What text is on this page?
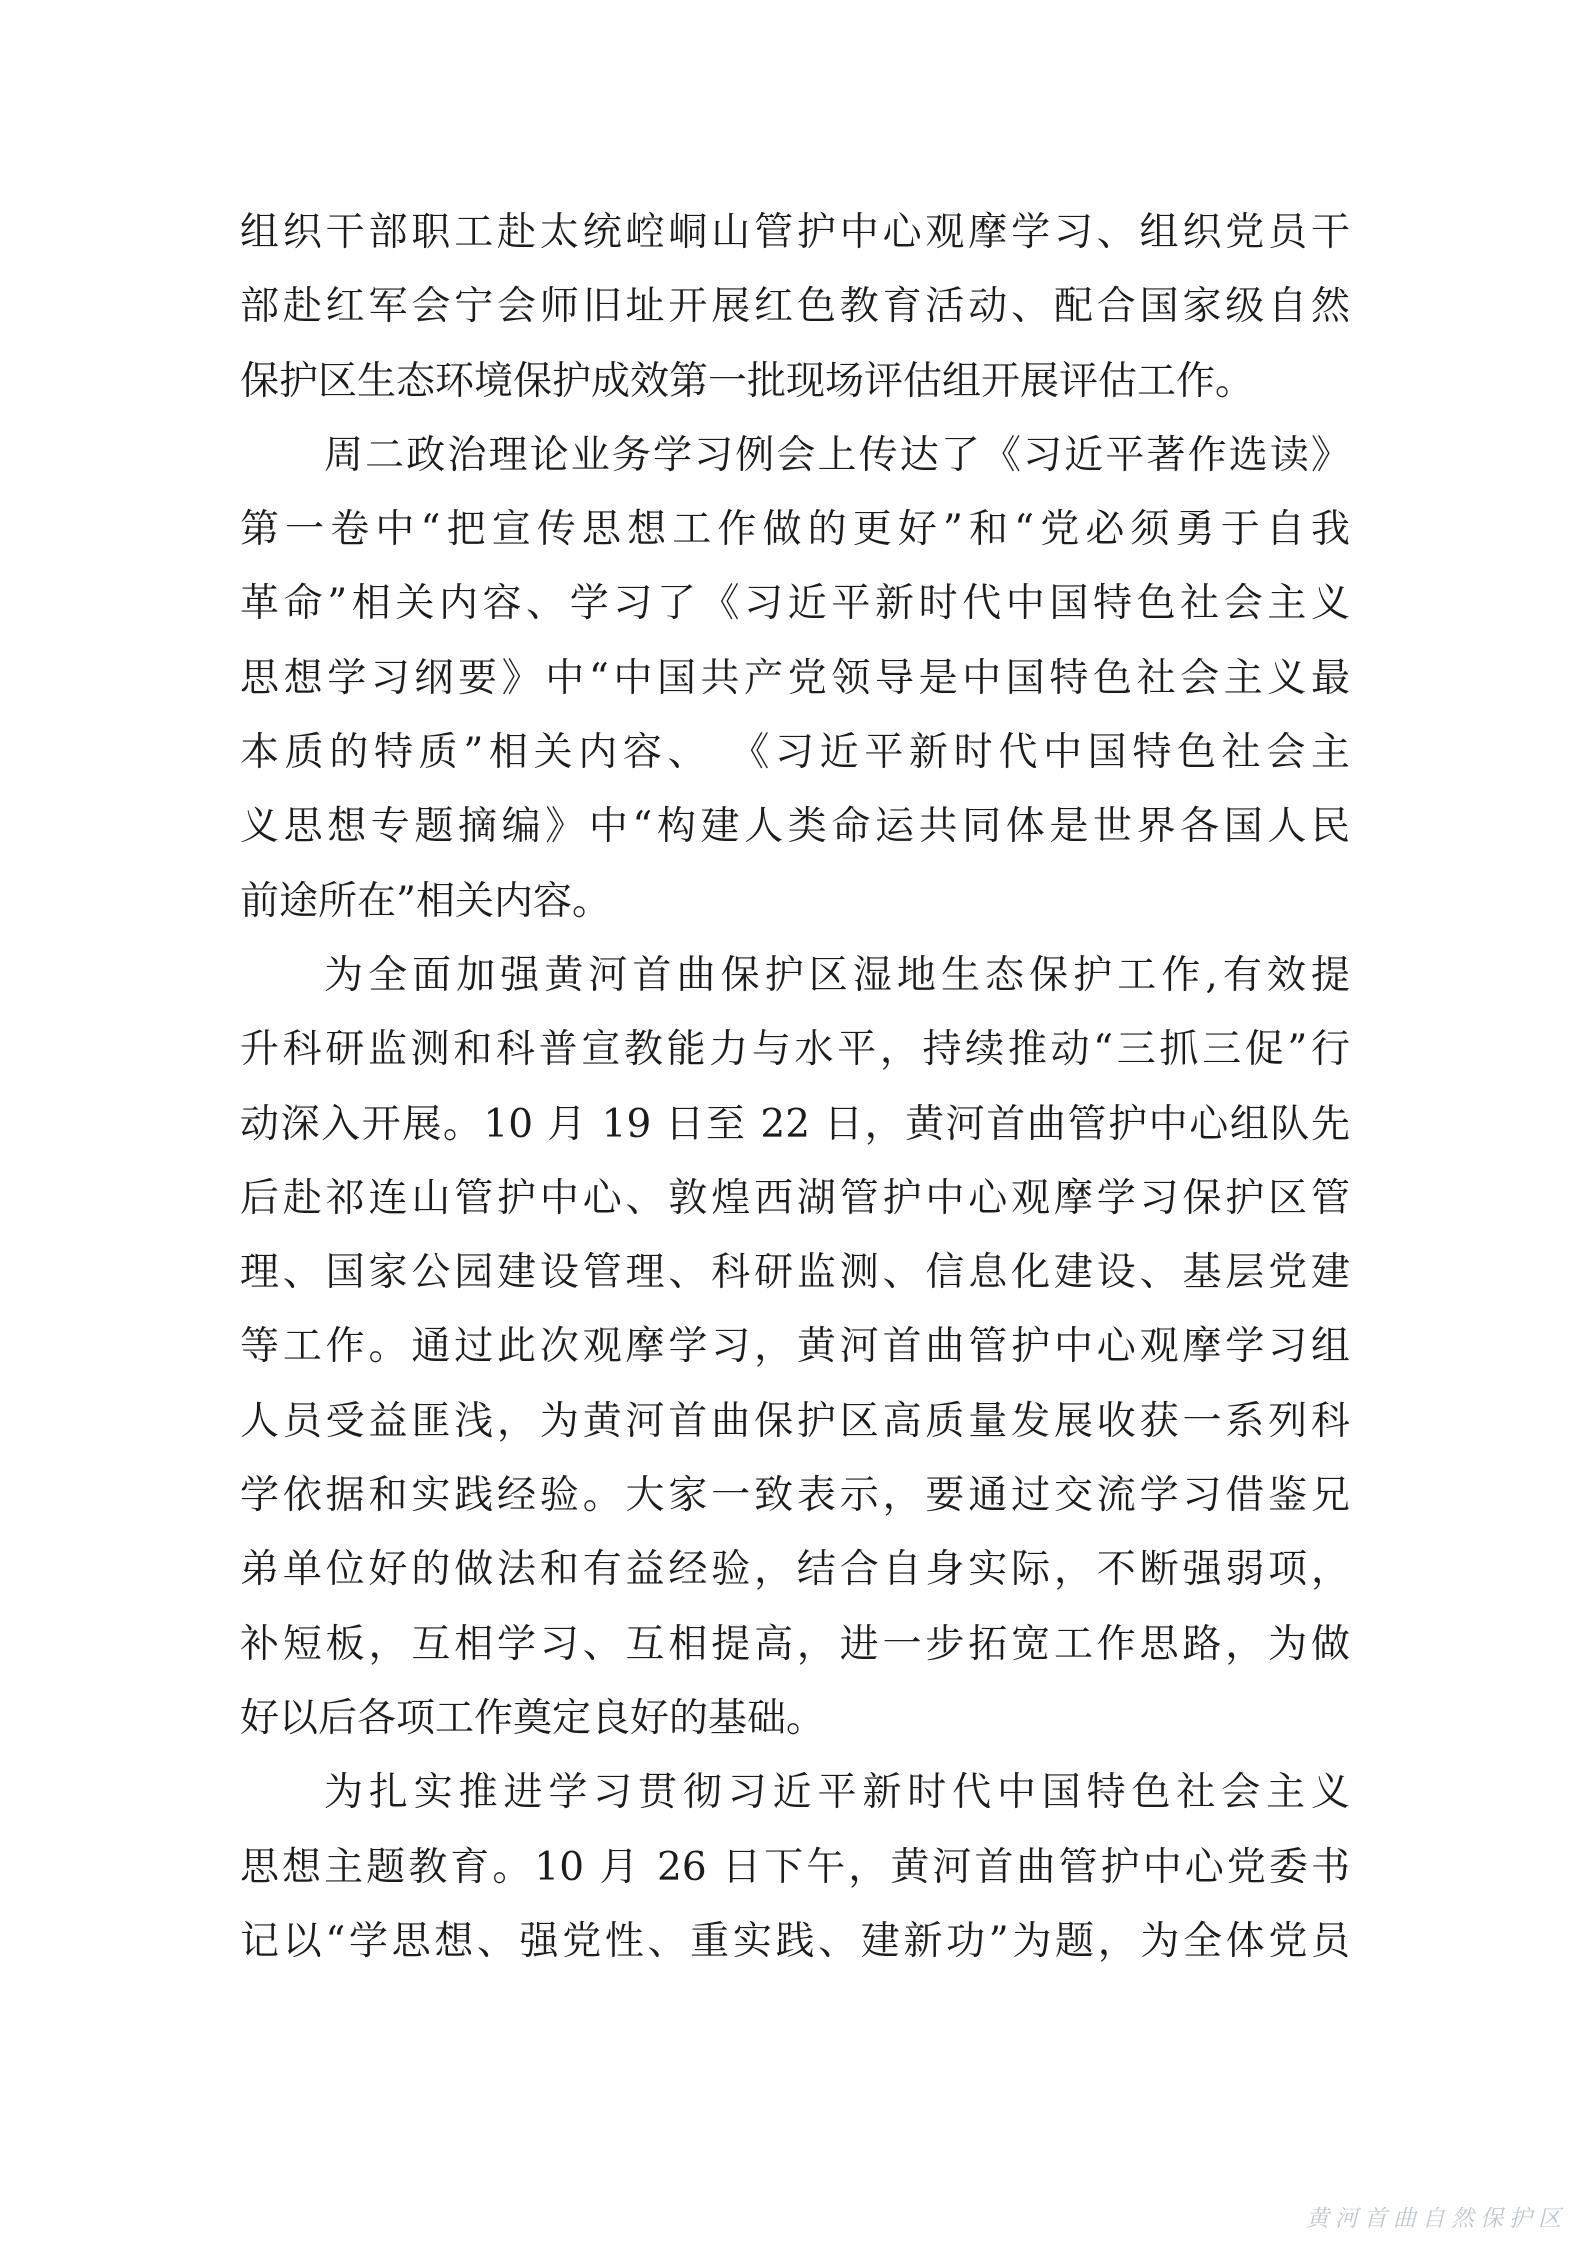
组织干部职工赴太统崆峒山管护中心观摩学习、组织党员干
部赴红军会宁会师旧址开展红色教育活动、配合国家级自然
保护区生态环境保护成效第一批现场评估组开展评估工作。
周二政治理论业务学习例会上传达了《习近平著作选读》
第一卷中“把宣传思想工作做的更好”和“党必须勇于自我
革命”相关内容、学习了《习近平新时代中国特色社会主义
思想学习纲要》中“中国共产党领导是中国特色社会主义最
本质的特质”相关内容、 《习近平新时代中国特色社会主
义思想专题摘编》中“构建人类命运共同体是世界各国人民
前途所在”相关内容。
为全面加强黄河首曲保护区湿地生态保护工作,有效提
升科研监测和科普宣教能力与水平，持续推动“三抓三促”行
动深入开展。10 月 19 日至 22 日，黄河首曲管护中心组队先
后赴祁连山管护中心、敦煌西湖管护中心观摩学习保护区管
理、国家公园建设管理、科研监测、信息化建设、基层党建
等工作。通过此次观摩学习，黄河首曲管护中心观摩学习组
人员受益匪浅，为黄河首曲保护区高质量发展收获一系列科
学依据和实践经验。大家一致表示，要通过交流学习借鉴兄
弟单位好的做法和有益经验，结合自身实际，不断强弱项，
补短板，互相学习、互相提高，进一步拓宽工作思路，为做
好以后各项工作奠定良好的基础。
为扎实推进学习贯彻习近平新时代中国特色社会主义
思想主题教育。10 月 26 日下午，黄河首曲管护中心党委书
记以“学思想、强党性、重实践、建新功”为题，为全体党员
黄河首曲自然保护区
